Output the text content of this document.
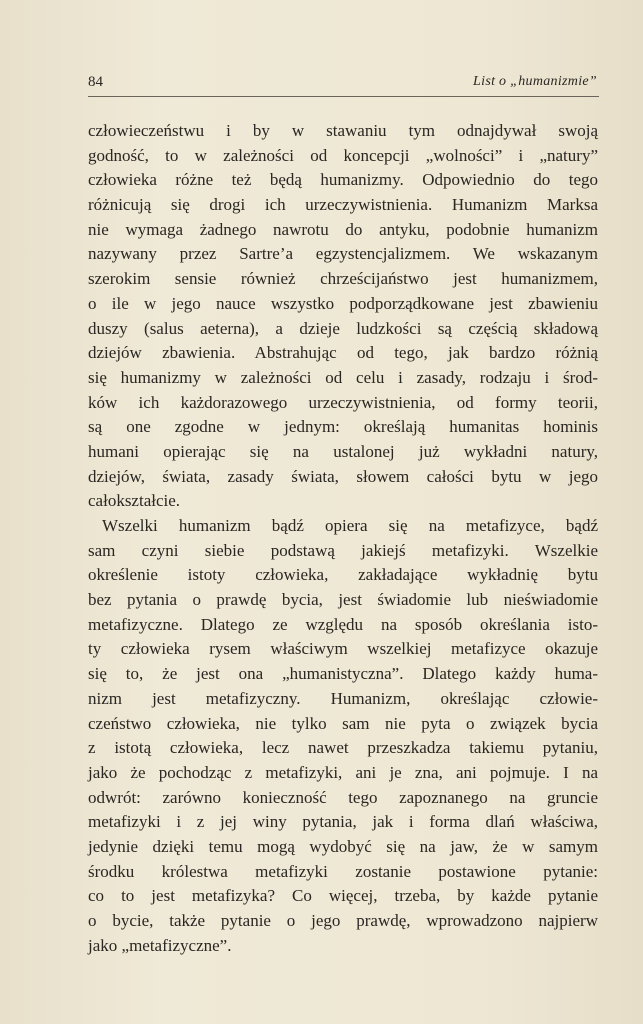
84	List o „humanizmie”
człowieczeństwu i by w stawaniu tym odnajdywał swoją
godność, to w zależności od koncepcji „wolności” i „natury”
człowieka różne też będą humanizmy. Odpowiednio do tego
różnicują się drogi ich urzeczywistnienia. Humanizm Marksa
nie wymaga żadnego nawrotu do antyku, podobnie humanizm
nazywany przez Sartre’a egzystencjalizmem. We wskazanym
szerokim sensie również chrześcijaństwo jest humanizmem,
o ile w jego nauce wszystko podporządkowane jest zbawieniu
duszy (salus aeterna), a dzieje ludzkości są częścią składową
dziejów zbawienia. Abstrahując od tego, jak bardzo różnią
się humanizmy w zależności od celu i zasady, rodzaju i środ-
ków ich każdorazowego urzeczywistnienia, od formy teorii,
są one zgodne w jednym: określają humanitas hominis
humani opierając się na ustalonej już wykładni natury,
dziejów, świata, zasady świata, słowem całości bytu w jego
całokształcie.
Wszelki humanizm bądź opiera się na metafizyce, bądź
sam czyni siebie podstawą jakiejś metafizyki. Wszelkie
określenie istoty człowieka, zakładające wykładnię bytu
bez pytania o prawdę bycia, jest świadomie lub nieświadomie
metafizyczne. Dlatego ze względu na sposób określania isto-
ty człowieka rysem właściwym wszelkiej metafizyce okazuje
się to, że jest ona „humanistyczna”. Dlatego każdy huma-
nizm jest metafizyczny. Humanizm, określając człowie-
czeństwo człowieka, nie tylko sam nie pyta o związek bycia
z istotą człowieka, lecz nawet przeszkadza takiemu pytaniu,
jako że pochodząc z metafizyki, ani je zna, ani pojmuje. I na
odwrót: zarówno konieczność tego zapoznanego na gruncie
metafizyki i z jej winy pytania, jak i forma dlań właściwa,
jedynie dzięki temu mogą wydobyć się na jaw, że w samym
środku królestwa metafizyki zostanie postawione pytanie:
co to jest metafizyka? Co więcej, trzeba, by każde pytanie
o bycie, także pytanie o jego prawdę, wprowadzono najpierw
jako „metafizyczne”.
